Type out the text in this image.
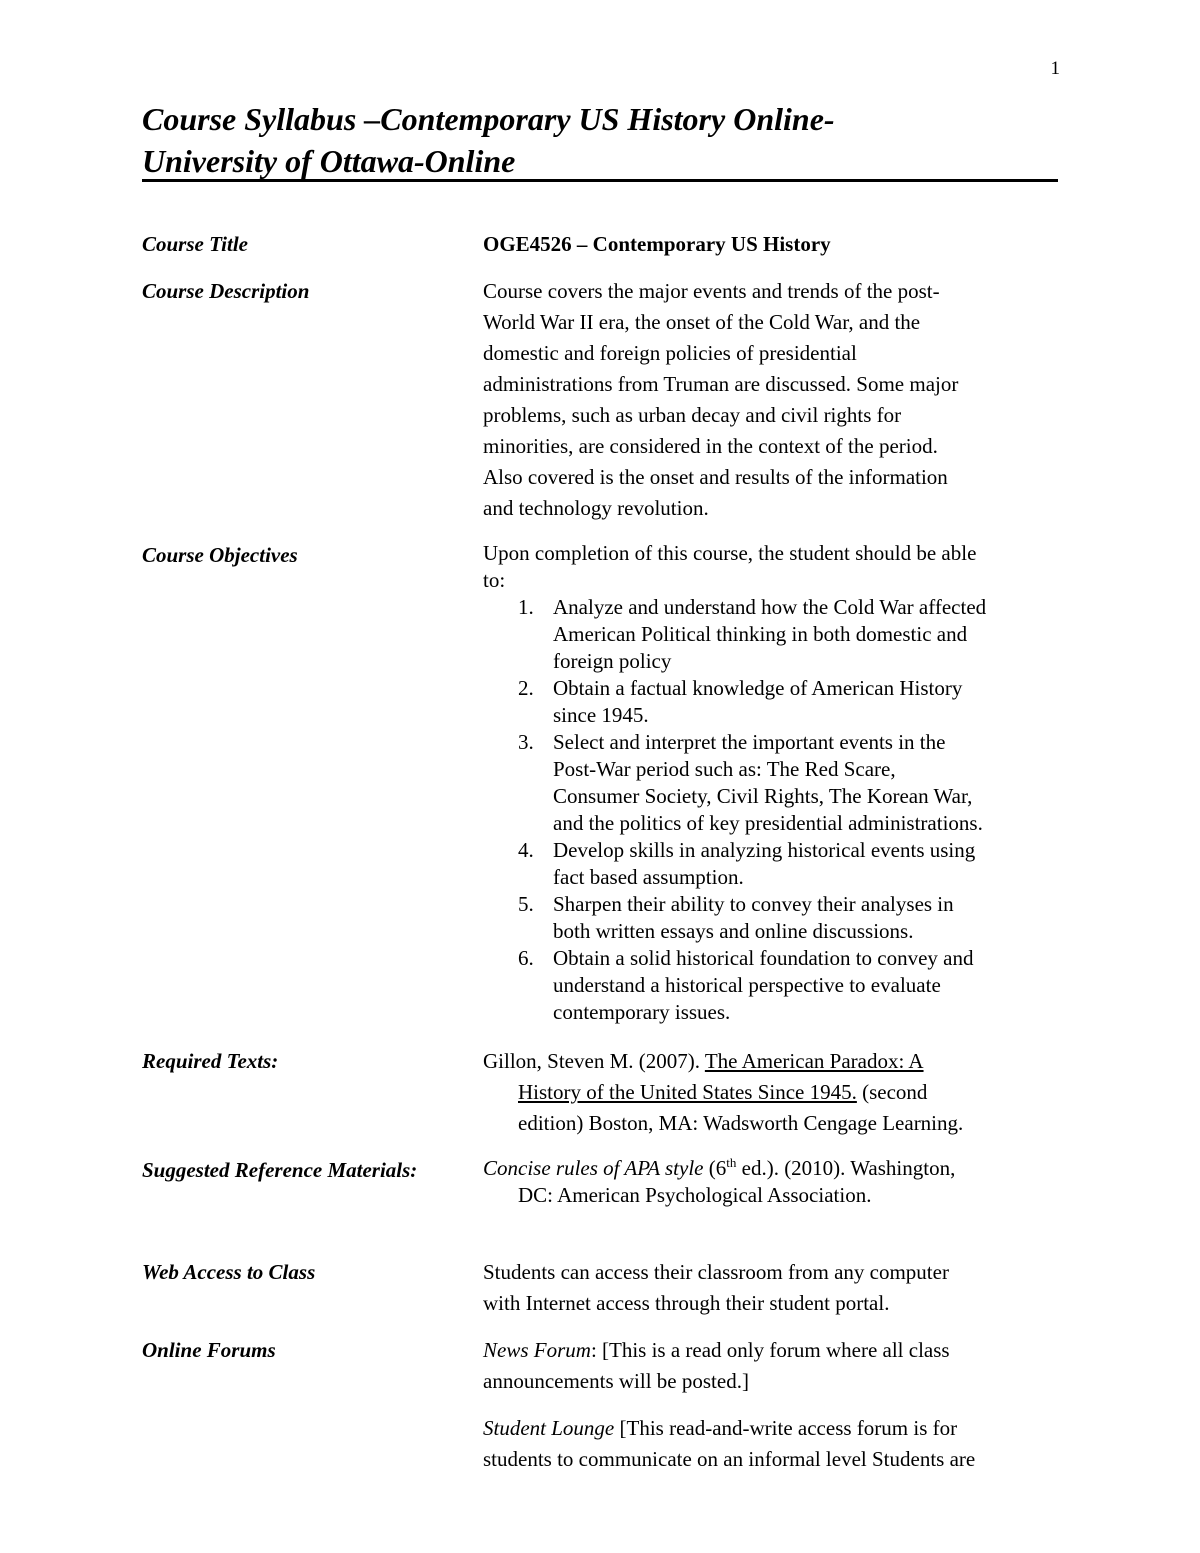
1
Course Syllabus –Contemporary US History Online-
University of Ottawa-Online
Course Title	OGE4526 – Contemporary US History
Course Description	Course covers the major events and trends of the post-
World War II era, the onset of the Cold War, and the
domestic and foreign policies of presidential
administrations from Truman are discussed. Some major
problems, such as urban decay and civil rights for
minorities, are considered in the context of the period.
Also covered is the onset and results of the information
and technology revolution.
Course Objectives	Upon completion of this course, the student should be able
to:
1. Analyze and understand how the Cold War affected
American Political thinking in both domestic and
foreign policy
2. Obtain a factual knowledge of American History
since 1945.
3. Select and interpret the important events in the
Post-War period such as: The Red Scare,
Consumer Society, Civil Rights, The Korean War,
and the politics of key presidential administrations.
4. Develop skills in analyzing historical events using
fact based assumption.
5. Sharpen their ability to convey their analyses in
both written essays and online discussions.
6. Obtain a solid historical foundation to convey and
understand a historical perspective to evaluate
contemporary issues.
Required Texts:	Gillon, Steven M. (2007). The American Paradox: A
History of the United States Since 1945. (second
edition) Boston, MA: Wadsworth Cengage Learning.
Suggested Reference Materials:	Concise rules of APA style (6th ed.). (2010). Washington,
DC: American Psychological Association.
Web Access to Class	Students can access their classroom from any computer
with Internet access through their student portal.
Online Forums	News Forum: [This is a read only forum where all class
announcements will be posted.]
Student Lounge [This read-and-write access forum is for
students to communicate on an informal level Students are
